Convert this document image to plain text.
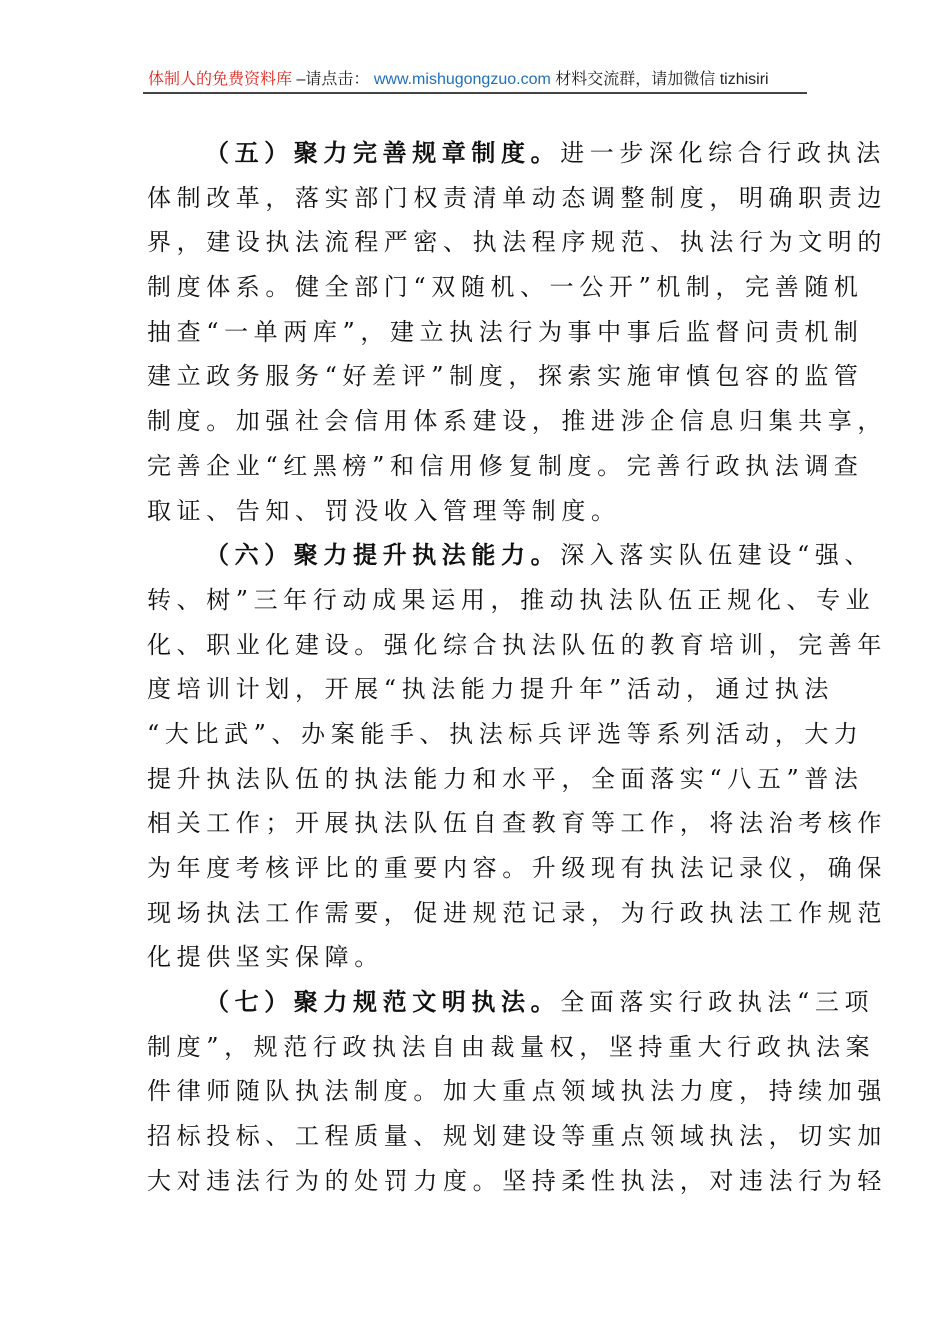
体制人的免费资料库 –请点击： www.mishugongzuo.com 材料交流群，请加微信 tizhisiri
（五）聚力完善规章制度。进一步深化综合行政执法
体制改革，落实部门权责清单动态调整制度，明确职责边
界，建设执法流程严密、执法程序规范、执法行为文明的
制度体系。健全部门“双随机、一公开”机制，完善随机
抽查“一单两库”，建立执法行为事中事后监督问责机制
建立政务服务“好差评”制度，探索实施审慎包容的监管
制度。加强社会信用体系建设，推进涉企信息归集共享，
完善企业“红黑榜”和信用修复制度。完善行政执法调查
取证、告知、罚没收入管理等制度。
（六）聚力提升执法能力。深入落实队伍建设“强、
转、树”三年行动成果运用，推动执法队伍正规化、专业
化、职业化建设。强化综合执法队伍的教育培训，完善年
度培训计划，开展“执法能力提升年”活动，通过执法
“大比武”、办案能手、执法标兵评选等系列活动，大力
提升执法队伍的执法能力和水平，全面落实“八五”普法
相关工作；开展执法队伍自查教育等工作，将法治考核作
为年度考核评比的重要内容。升级现有执法记录仪，确保
现场执法工作需要，促进规范记录，为行政执法工作规范
化提供坚实保障。
（七）聚力规范文明执法。全面落实行政执法“三项
制度”，规范行政执法自由裁量权，坚持重大行政执法案
件律师随队执法制度。加大重点领域执法力度，持续加强
招标投标、工程质量、规划建设等重点领域执法，切实加
大对违法行为的处罚力度。坚持柔性执法，对违法行为轻
